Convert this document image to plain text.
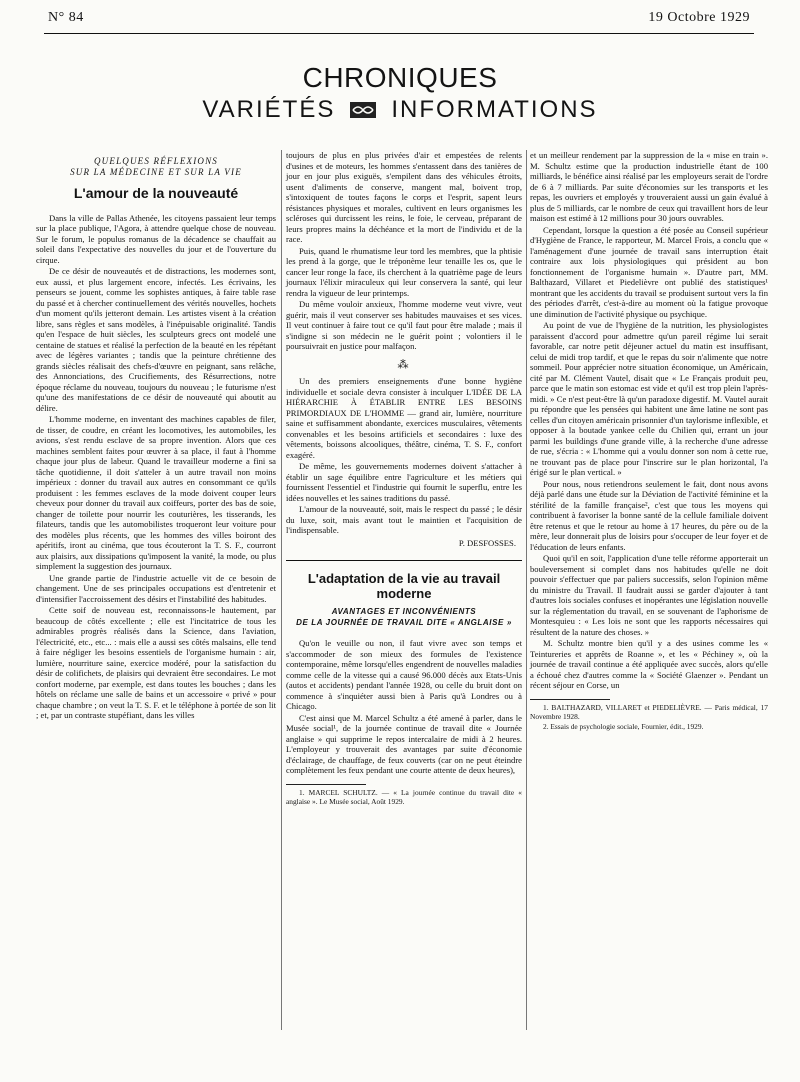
N° 84	19 Octobre 1929
CHRONIQUES
VARIÉTÉS INFORMATIONS
QUELQUES RÉFLEXIONS
SUR LA MÉDECINE ET SUR LA VIE
L'amour de la nouveauté

Dans la ville de Pallas Athenée, les citoyens passaient leur temps sur la place publique, l'Agora, à attendre quelque chose de nouveau. Sur le forum, le populus romanus de la décadence se chauffait au soleil dans l'expectative des nouvelles du jour et de l'ouverture du cirque.

De ce désir de nouveautés et de distractions, les modernes sont, eux aussi, et plus largement encore, infectés. Les écrivains, les penseurs se jouent, comme les sophistes antiques, à faire table rase du passé et à chercher continuellement des vérités nouvelles, hochets d'un moment qu'ils jetteront demain. Les artistes visent à la création libre, sans règles et sans modèles, à l'inépuisable originalité. Tandis qu'en l'espace de huit siècles, les sculpteurs grecs ont modelé une centaine de statues et réalisé la perfection de la beauté en les répétant avec de légères variantes ; tandis que la peinture chrétienne des grands siècles réalisait des chefs-d'œuvre en peignant, sans relâche, des Annonciations, des Crucifiements, des Résurrections, notre époque réclame du nouveau, toujours du nouveau ; le futurisme n'est qu'une des manifestations de ce désir de nouveauté qui aboutit au délire.

L'homme moderne, en inventant des machines capables de filer, de tisser, de coudre, en créant les locomotives, les automobiles, les avions, s'est rendu esclave de sa propre invention. Alors que ces machines semblent faites pour œuvrer à sa place, il faut à l'homme chaque jour plus de labeur. Quand le travailleur moderne a fini sa tâche quotidienne, il doit s'atteler à un autre travail non moins impérieux : donner du travail aux autres en consommant ce qu'ils produisent : les femmes esclaves de la mode doivent couper leurs cheveux pour donner du travail aux coiffeurs, porter des bas de soie, changer de toilette pour nourrir les couturières, les tisserands, les filateurs, tandis que les automobilistes troqueront leur voiture pour des modèles plus récents, que les hommes des villes boiront des apéritifs, iront au cinéma, que tous écouteront la T. S. F., courront aux plaisirs, aux dissipations qu'imposent la vanité, la mode, ou plus simplement la suggestion des journaux.

Une grande partie de l'industrie actuelle vit de ce besoin de changement. Une de ses principales occupations est d'entretenir et d'intensifier l'accroissement des désirs et l'instabilité des habitudes.

Cette soif de nouveau est, reconnaissons-le hautement, par beaucoup de côtés excellente ; elle est l'incitatrice de tous les admirables progrès réalisés dans la Science, dans l'aviation, l'électricité, etc., etc... : mais elle a aussi ses côtés malsains, elle tend à faire négliger les besoins essentiels de l'organisme humain : air, lumière, nourriture saine, exercice modéré, pour la satisfaction du désir de colifichets, de plaisirs qui devraient être secondaires. Le mot confort moderne, par exemple, est dans toutes les bouches ; dans les hôtels on réclame une salle de bains et un accessoire « privé » pour chaque chambre ; on veut la T. S. F. et le téléphone à portée de son lit ; et, par un contraste stupéfiant, dans les villes

toujours de plus en plus privées d'air et empestées de relents d'usines et de moteurs, les hommes s'entassent dans des tanières de jour en jour plus exiguës, s'empilent dans des véhicules étroits, usent d'aliments de conserve, mangent mal, boivent trop, s'intoxiquent de toutes façons le corps et l'esprit, sapent leurs résistances physiques et morales, cultivent en leurs organismes les scléroses qui durcissent les reins, le foie, le cerveau, préparant de leurs propres mains la déchéance et la mort de l'individu et de la race.

Puis, quand le rhumatisme leur tord les membres, que la phtisie les prend à la gorge, que le tréponème leur tenaille les os, que le cancer leur ronge la face, ils cherchent à la quatrième page de leurs journaux l'élixir miraculeux qui leur conservera la santé, qui leur rendra la vigueur de leur printemps.

Du même vouloir anxieux, l'homme moderne veut vivre, veut guérir, mais il veut conserver ses habitudes mauvaises et ses vices. Il veut continuer à faire tout ce qu'il faut pour être malade ; mais il s'indigne si son médecin ne le guérit point ; volontiers il le poursuivrait en justice pour malfaçon.

⁂

Un des premiers enseignements d'une bonne hygiène individuelle et sociale devra consister à inculquer L'IDÉE DE LA HIÉRARCHIE À ÉTABLIR ENTRE LES BESOINS PRIMORDIAUX DE L'HOMME — grand air, lumière, nourriture saine et suffisamment abondante, exercices musculaires, vêtements convenables et les besoins artificiels et secondaires : luxe des vêtements, boissons alcooliques, théâtre, cinéma, T. S. F., confort exagéré.

De même, les gouvernements modernes doivent s'attacher à établir un sage équilibre entre l'agriculture et les métiers qui fournissent l'essentiel et l'industrie qui fournit le superflu, entre les idées nouvelles et les saines traditions du passé.

L'amour de la nouveauté, soit, mais le respect du passé ; le désir du luxe, soit, mais avant tout le maintien et l'acquisition de l'indispensable.

P. DESFOSSES.
L'adaptation de la vie au travail moderne
AVANTAGES ET INCONVÉNIENTS
DE LA JOURNÉE DE TRAVAIL DITE « ANGLAISE »

Qu'on le veuille ou non, il faut vivre avec son temps et s'accommoder de son mieux des formules de l'existence contemporaine, même lorsqu'elles engendrent de nouvelles maladies comme celle de la vitesse qui a causé 96.000 décès aux Etats-Unis (autos et accidents) pendant l'année 1928, ou celle du bruit dont on commence à s'inquiéter aussi bien à Paris qu'à Londres ou à Chicago.

C'est ainsi que M. Marcel Schultz a été amené à parler, dans le Musée social¹, de la journée continue de travail dite « Journée anglaise » qui supprime le repos intercalaire de midi à 2 heures. L'employeur y trouverait des avantages par suite d'économie d'éclairage, de chauffage, de feux couverts (car on ne peut éteindre complètement les feux pendant une courte attente de deux heures),

1. MARCEL SCHULTZ. — « La journée continue du travail dite « anglaise ». Le Musée social, Août 1929.

et un meilleur rendement par la suppression de la « mise en train ». M. Schultz estime que la production industrielle étant de 100 milliards, le bénéfice ainsi réalisé par les employeurs serait de l'ordre de 6 à 7 milliards. Par suite d'économies sur les transports et les repas, les ouvriers et employés y trouveraient aussi un gain évalué à plus de 5 milliards, car le nombre de ceux qui travaillent hors de leur maison est estimé à 12 millions pour 30 jours ouvrables.

Cependant, lorsque la question a été posée au Conseil supérieur d'Hygiène de France, le rapporteur, M. Marcel Frois, a conclu que « l'aménagement d'une journée de travail sans interruption était contraire aux lois physiologiques qui président au bon fonctionnement de l'organisme humain ». D'autre part, MM. Balthazard, Villaret et Piedelièvre ont publié des statistiques¹ montrant que les accidents du travail se produisent surtout vers la fin des périodes d'arrêt, c'est-à-dire au moment où la fatigue provoque une diminution de l'activité physique ou psychique.

Au point de vue de l'hygiène de la nutrition, les physiologistes paraissent d'accord pour admettre qu'un pareil régime lui serait favorable, car notre petit déjeuner actuel du matin est insuffisant, celui de midi trop tardif, et que le repas du soir n'alimente que notre sommeil. Pour apprécier notre situation économique, un Américain, cité par M. Clément Vautel, disait que « Le Français produit peu, parce que le matin son estomac est vide et qu'il est trop plein l'après-midi. » Ce n'est peut-être là qu'un paradoxe digestif. M. Vautel aurait pu répondre que les pensées qui habitent une âme latine ne sont pas celles d'un citoyen américain prisonnier d'un taylorisme inflexible, et opposer à la boutade yankee celle du Chilien qui, errant un jour parmi les buildings d'une grande ville, à la recherche d'une adresse de rue, s'écria : « L'homme qui a voulu donner son nom à cette rue, ne trouvant pas de place pour l'inscrire sur le plan horizontal, l'a érigé sur le plan vertical. »

Pour nous, nous retiendrons seulement le fait, dont nous avons déjà parlé dans une étude sur la Déviation de l'activité féminine et la stérilité de la famille française², c'est que tous les moyens qui contribuent à favoriser la bonne santé de la cellule familiale doivent être retenus et que le retour au home à 17 heures, du père ou de la mère, leur donnerait plus de loisirs pour s'occuper de leur foyer et de l'éducation de leurs enfants.

Quoi qu'il en soit, l'application d'une telle réforme apporterait un bouleversement si complet dans nos habitudes qu'elle ne doit pouvoir s'effectuer que par paliers successifs, selon l'opinion même du ministre du Travail. Il faudrait aussi se garder d'ajouter à tant d'autres lois sociales confuses et inopérantes une législation nouvelle sur la réglementation du travail, en se souvenant de l'aphorisme de Montesquieu : « Les lois ne sont que les rapports nécessaires qui résultent de la nature des choses. »

M. Schultz montre bien qu'il y a des usines comme les « Teintureries et apprêts de Roanne », et les « Péchiney », où la journée de travail continue a été appliquée avec succès, alors qu'elle a échoué chez d'autres comme la « Société Glaenzer ». Pendant un récent séjour en Corse, un

1. BALTHAZARD, VILLARET et PIEDELIÈVRE. — Paris médical, 17 Novembre 1928.

2. Essais de psychologie sociale, Fournier, édit., 1929.
